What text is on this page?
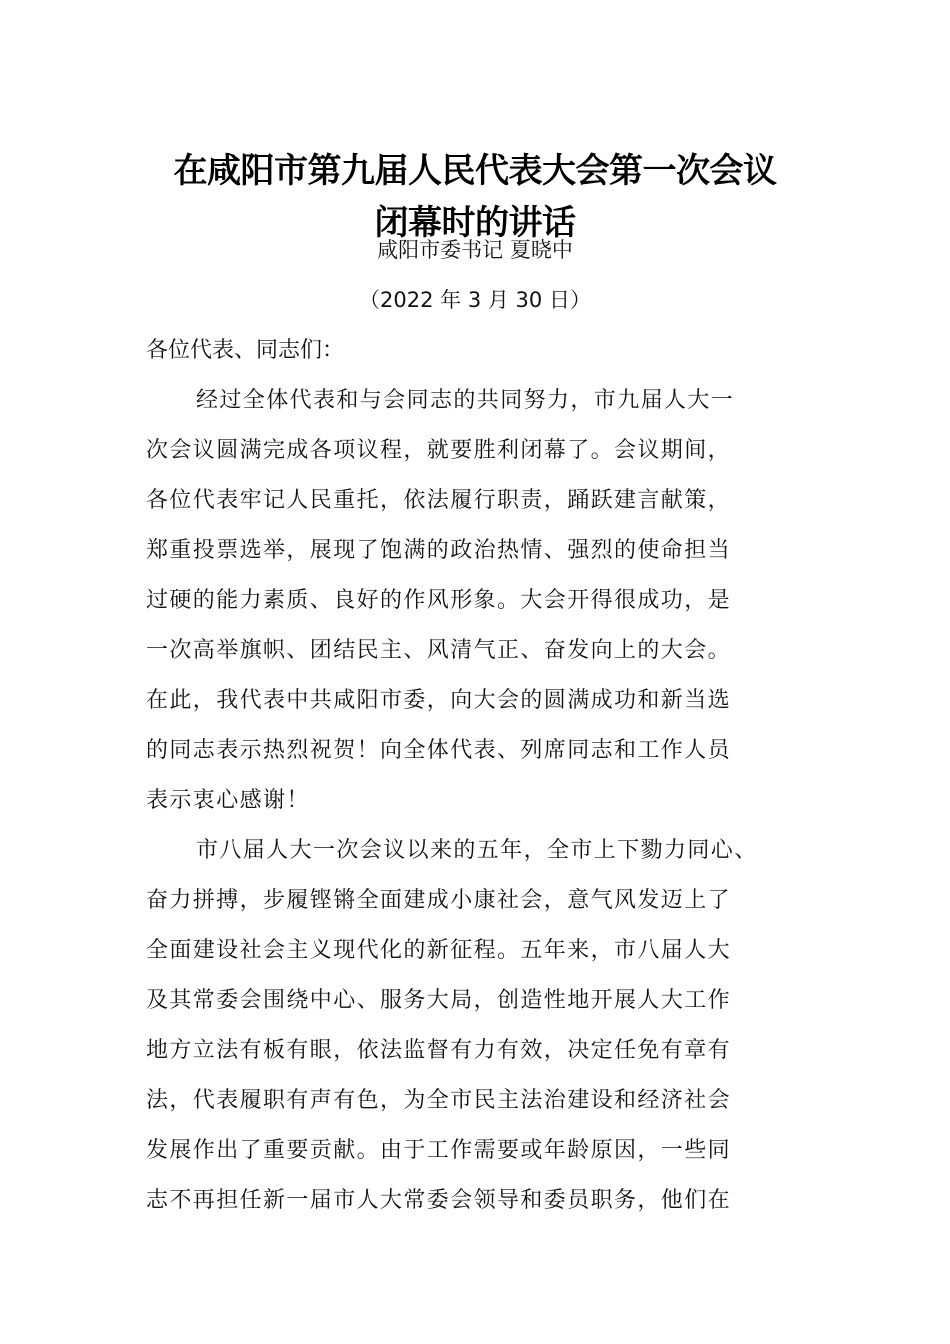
在咸阳市第九届人民代表大会第一次会议
闭幕时的讲话
咸阳市委书记 夏晓中
（2022 年 3 月 30 日）

各位代表、同志们：

经过全体代表和与会同志的共同努力，市九届人大一

次会议圆满完成各项议程，就要胜利闭幕了。会议期间，

各位代表牢记人民重托，依法履行职责，踊跃建言献策，

郑重投票选举，展现了饱满的政治热情、强烈的使命担当

过硬的能力素质、良好的作风形象。大会开得很成功，是

一次高举旗帜、团结民主、风清气正、奋发向上的大会。

在此，我代表中共咸阳市委，向大会的圆满成功和新当选

的同志表示热烈祝贺！向全体代表、列席同志和工作人员

表示衷心感谢！

市八届人大一次会议以来的五年，全市上下勠力同心、

奋力拼搏，步履铿锵全面建成小康社会，意气风发迈上了

全面建设社会主义现代化的新征程。五年来，市八届人大

及其常委会围绕中心、服务大局，创造性地开展人大工作

地方立法有板有眼，依法监督有力有效，决定任免有章有

法，代表履职有声有色，为全市民主法治建设和经济社会

发展作出了重要贡献。由于工作需要或年龄原因，一些同

志不再担任新一届市人大常委会领导和委员职务，他们在
